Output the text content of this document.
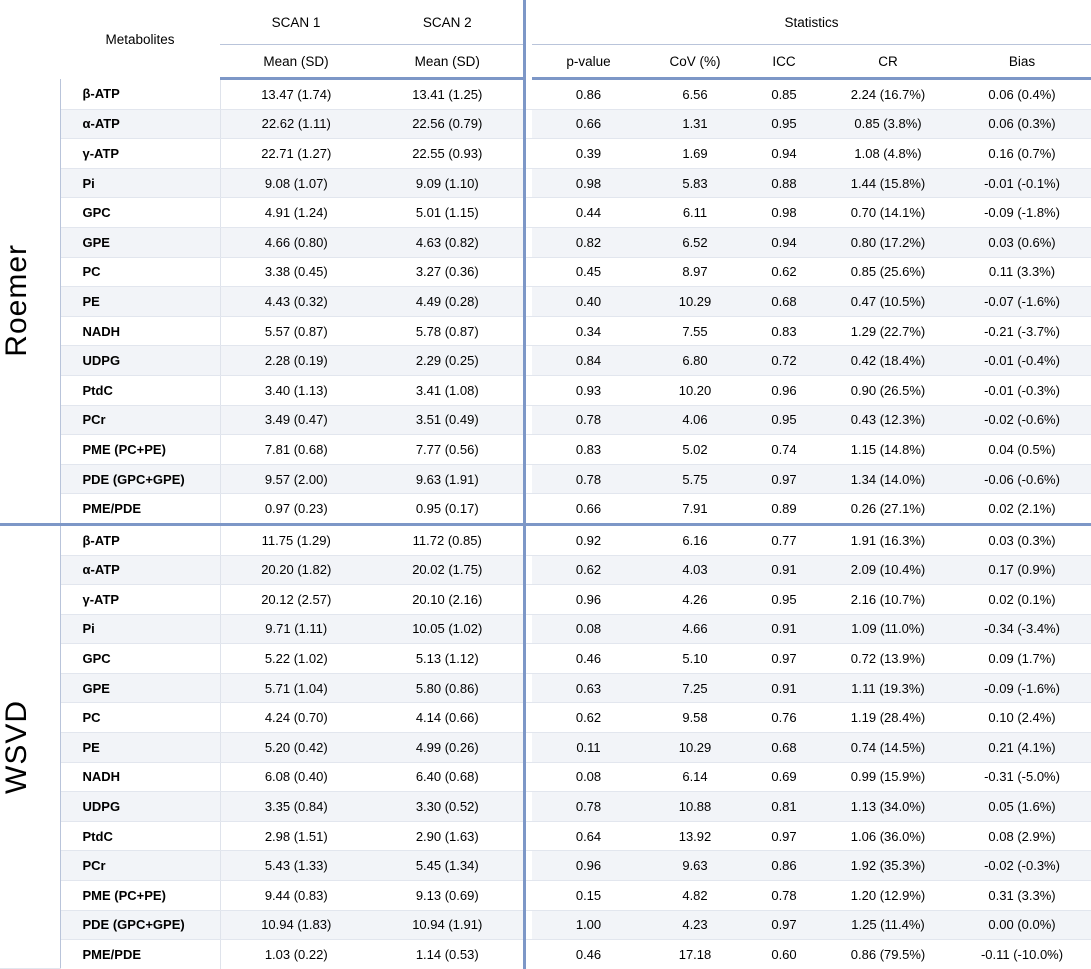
	Metabolites	SCAN 1	SCAN 2		Statistics				
		Mean (SD)	Mean (SD)		p-value	CoV (%)	ICC	CR	Bias

Roemer	β-ATP	13.47 (1.74)	13.41 (1.25)		0.86	6.56	0.85	2.24 (16.7%)	0.06 (0.4%)
	α-ATP	22.62 (1.11)	22.56 (0.79)		0.66	1.31	0.95	0.85 (3.8%)	0.06 (0.3%)
	γ-ATP	22.71 (1.27)	22.55 (0.93)		0.39	1.69	0.94	1.08 (4.8%)	0.16 (0.7%)
	Pi	9.08 (1.07)	9.09 (1.10)		0.98	5.83	0.88	1.44 (15.8%)	-0.01 (-0.1%)
	GPC	4.91 (1.24)	5.01 (1.15)		0.44	6.11	0.98	0.70 (14.1%)	-0.09 (-1.8%)
	GPE	4.66 (0.80)	4.63 (0.82)		0.82	6.52	0.94	0.80 (17.2%)	0.03 (0.6%)
	PC	3.38 (0.45)	3.27 (0.36)		0.45	8.97	0.62	0.85 (25.6%)	0.11 (3.3%)
	PE	4.43 (0.32)	4.49 (0.28)		0.40	10.29	0.68	0.47 (10.5%)	-0.07 (-1.6%)
	NADH	5.57 (0.87)	5.78 (0.87)		0.34	7.55	0.83	1.29 (22.7%)	-0.21 (-3.7%)
	UDPG	2.28 (0.19)	2.29 (0.25)		0.84	6.80	0.72	0.42 (18.4%)	-0.01 (-0.4%)
	PtdC	3.40 (1.13)	3.41 (1.08)		0.93	10.20	0.96	0.90 (26.5%)	-0.01 (-0.3%)
	PCr	3.49 (0.47)	3.51 (0.49)		0.78	4.06	0.95	0.43 (12.3%)	-0.02 (-0.6%)
	PME (PC+PE)	7.81 (0.68)	7.77 (0.56)		0.83	5.02	0.74	1.15 (14.8%)	0.04 (0.5%)
	PDE (GPC+GPE)	9.57 (2.00)	9.63 (1.91)		0.78	5.75	0.97	1.34 (14.0%)	-0.06 (-0.6%)
	PME/PDE	0.97 (0.23)	0.95 (0.17)		0.66	7.91	0.89	0.26 (27.1%)	0.02 (2.1%)

WSVD	β-ATP	11.75 (1.29)	11.72 (0.85)		0.92	6.16	0.77	1.91 (16.3%)	0.03 (0.3%)
	α-ATP	20.20 (1.82)	20.02 (1.75)		0.62	4.03	0.91	2.09 (10.4%)	0.17 (0.9%)
	γ-ATP	20.12 (2.57)	20.10 (2.16)		0.96	4.26	0.95	2.16 (10.7%)	0.02 (0.1%)
	Pi	9.71 (1.11)	10.05 (1.02)		0.08	4.66	0.91	1.09 (11.0%)	-0.34 (-3.4%)
	GPC	5.22 (1.02)	5.13 (1.12)		0.46	5.10	0.97	0.72 (13.9%)	0.09 (1.7%)
	GPE	5.71 (1.04)	5.80 (0.86)		0.63	7.25	0.91	1.11 (19.3%)	-0.09 (-1.6%)
	PC	4.24 (0.70)	4.14 (0.66)		0.62	9.58	0.76	1.19 (28.4%)	0.10 (2.4%)
	PE	5.20 (0.42)	4.99 (0.26)		0.11	10.29	0.68	0.74 (14.5%)	0.21 (4.1%)
	NADH	6.08 (0.40)	6.40 (0.68)		0.08	6.14	0.69	0.99 (15.9%)	-0.31 (-5.0%)
	UDPG	3.35 (0.84)	3.30 (0.52)		0.78	10.88	0.81	1.13 (34.0%)	0.05 (1.6%)
	PtdC	2.98 (1.51)	2.90 (1.63)		0.64	13.92	0.97	1.06 (36.0%)	0.08 (2.9%)
	PCr	5.43 (1.33)	5.45 (1.34)		0.96	9.63	0.86	1.92 (35.3%)	-0.02 (-0.3%)
	PME (PC+PE)	9.44 (0.83)	9.13 (0.69)		0.15	4.82	0.78	1.20 (12.9%)	0.31 (3.3%)
	PDE (GPC+GPE)	10.94 (1.83)	10.94 (1.91)		1.00	4.23	0.97	1.25 (11.4%)	0.00 (0.0%)
	PME/PDE	1.03 (0.22)	1.14 (0.53)		0.46	17.18	0.60	0.86 (79.5%)	-0.11 (-10.0%)
